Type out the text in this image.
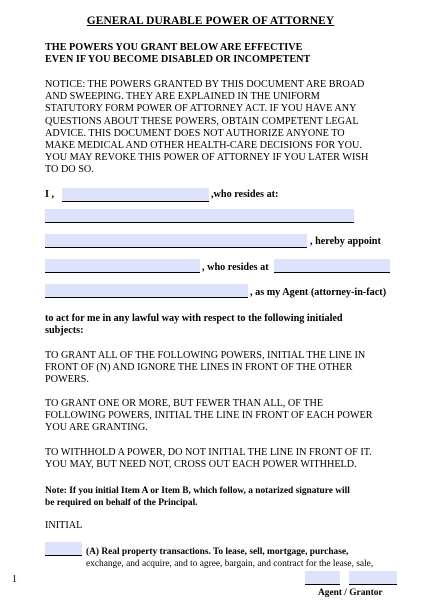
GENERAL DURABLE POWER OF ATTORNEY
THE POWERS YOU GRANT BELOW ARE EFFECTIVE
EVEN IF YOU BECOME DISABLED OR INCOMPETENT
NOTICE: THE POWERS GRANTED BY THIS DOCUMENT ARE BROAD
AND SWEEPING. THEY ARE EXPLAINED IN THE UNIFORM
STATUTORY FORM POWER OF ATTORNEY ACT. IF YOU HAVE ANY
QUESTIONS ABOUT THESE POWERS, OBTAIN COMPETENT LEGAL
ADVICE. THIS DOCUMENT DOES NOT AUTHORIZE ANYONE TO
MAKE MEDICAL AND OTHER HEALTH-CARE DECISIONS FOR YOU.
YOU MAY REVOKE THIS POWER OF ATTORNEY IF YOU LATER WISH
TO DO SO.
I ,	,who resides at:
, hereby appoint
, who resides at
, as my Agent (attorney-in-fact)
to act for me in any lawful way with respect to the following initialed
subjects:
TO GRANT ALL OF THE FOLLOWING POWERS, INITIAL THE LINE IN
FRONT OF (N) AND IGNORE THE LINES IN FRONT OF THE OTHER
POWERS.
TO GRANT ONE OR MORE, BUT FEWER THAN ALL, OF THE
FOLLOWING POWERS, INITIAL THE LINE IN FRONT OF EACH POWER
YOU ARE GRANTING.
TO WITHHOLD A POWER, DO NOT INITIAL THE LINE IN FRONT OF IT.
YOU MAY, BUT NEED NOT, CROSS OUT EACH POWER WITHHELD.
Note: If you initial Item A or Item B, which follow, a notarized signature will
be required on behalf of the Principal.
INITIAL
(A) Real property transactions. To lease, sell, mortgage, purchase,
exchange, and acquire, and to agree, bargain, and contract for the lease, sale,
1
Agent / Grantor
